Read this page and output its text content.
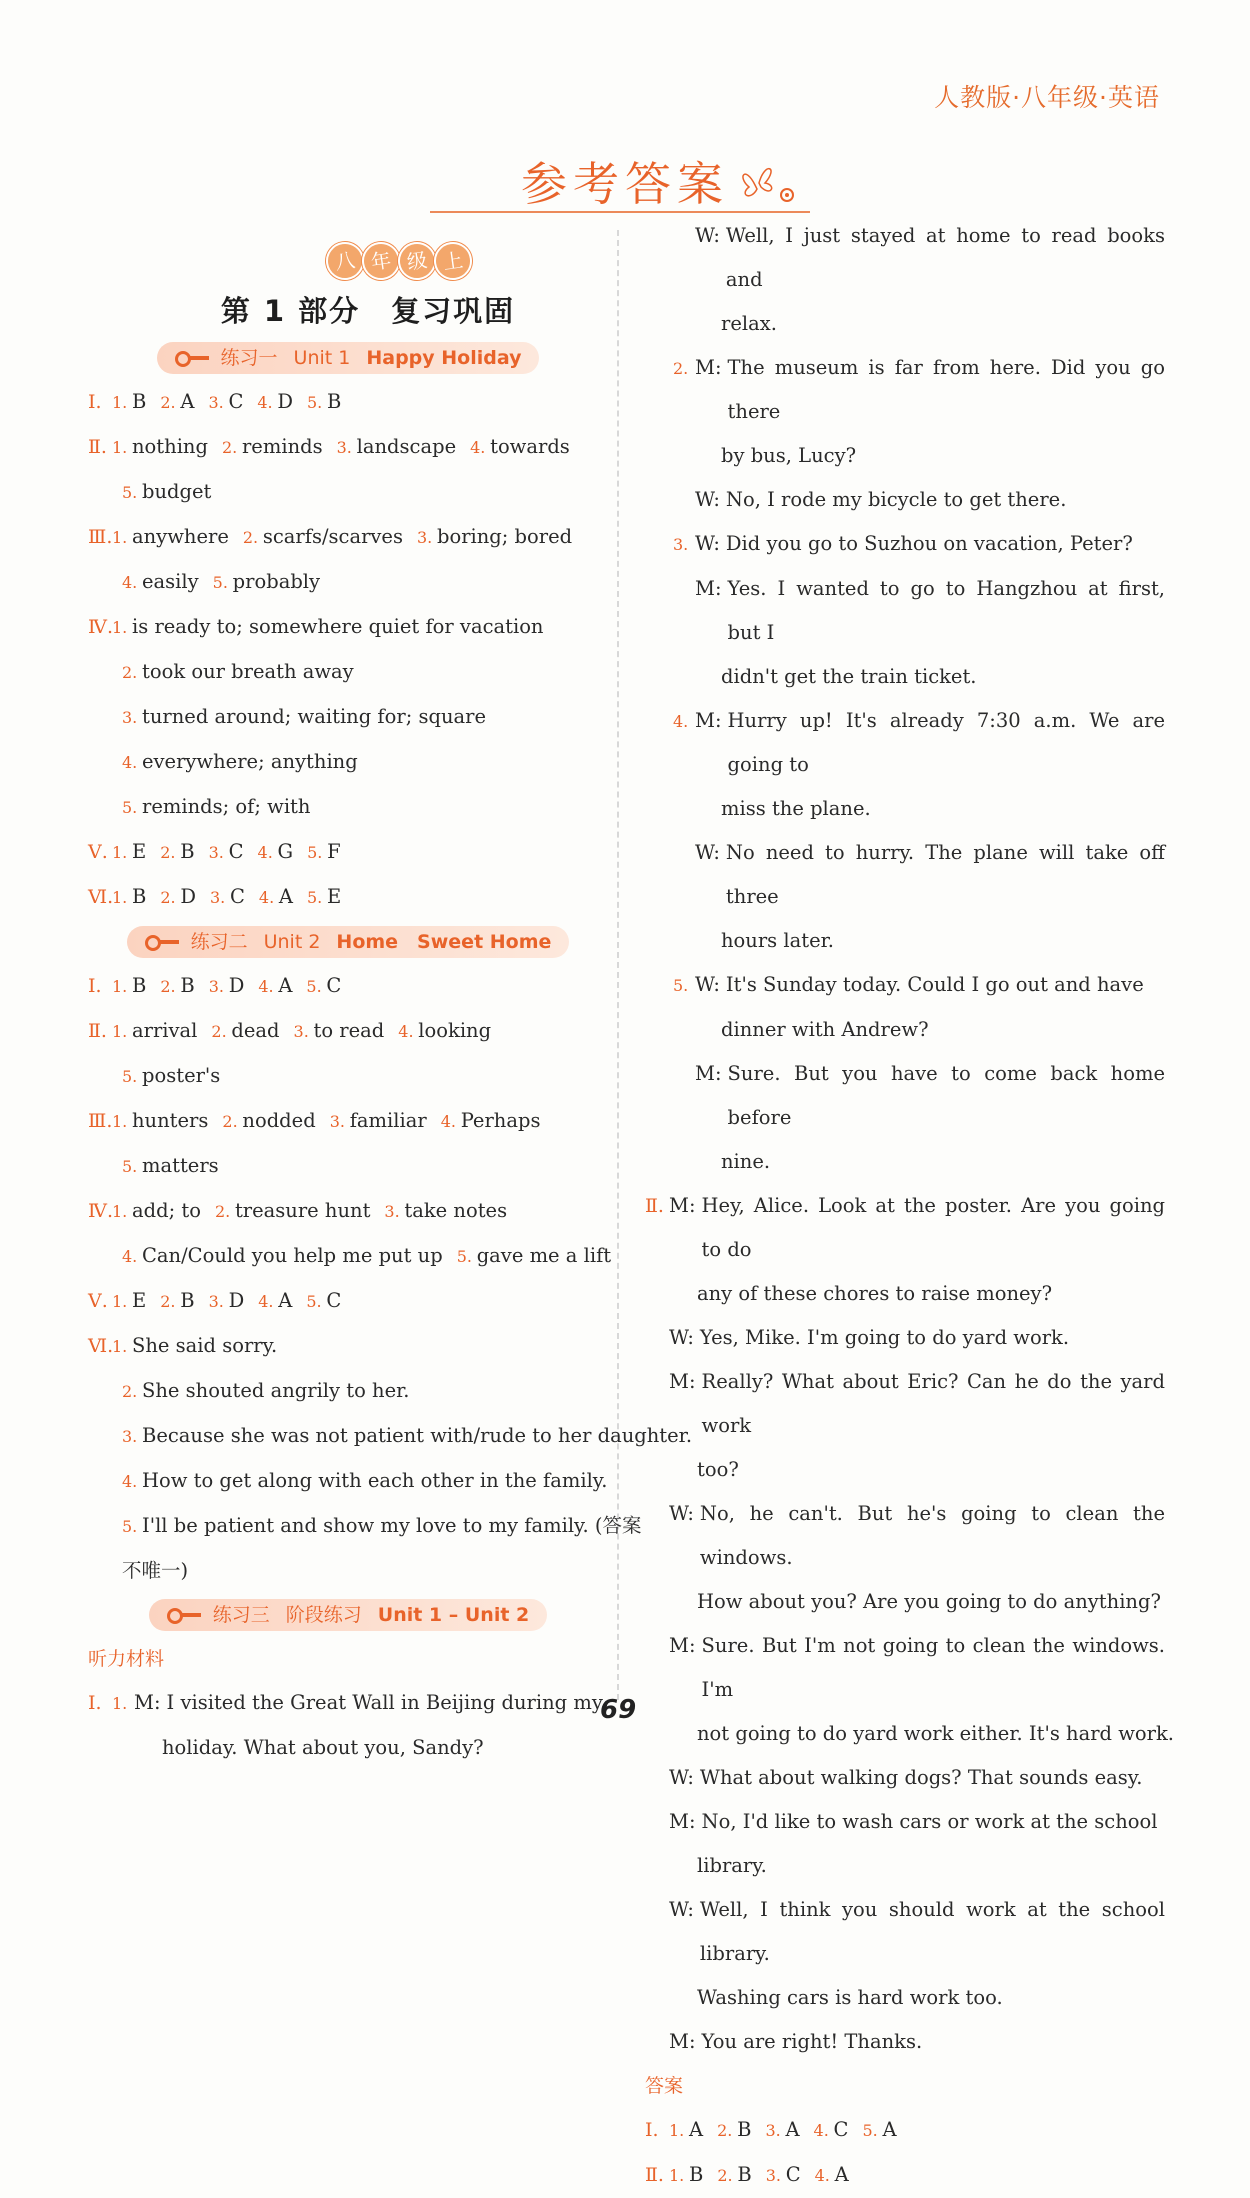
人教版·八年级·英语
参考答案
八 年 级 上
第 1 部分　复习巩固
练习一 Unit 1 Happy Holiday
Ⅰ. 1. B 2. A 3. C 4. D 5. B
Ⅱ. 1. nothing 2. reminds 3. landscape 4. towards
5. budget
Ⅲ. 1. anywhere 2. scarfs/scarves 3. boring; bored
4. easily 5. probably
Ⅳ.
1. is ready to; somewhere quiet for vacation
2. took our breath away
3. turned around; waiting for; square
4. everywhere; anything
5. reminds; of; with
Ⅴ. 1. E 2. B 3. C 4. G 5. F
Ⅵ.
1. B 2. D 3. C 4. A 5. E
练习二 Unit 2 Home　Sweet Home
Ⅰ. 1. B 2. B 3. D 4. A 5. C
Ⅱ. 1. arrival 2. dead 3. to read 4. looking
5. poster's
Ⅲ. 1. hunters 2. nodded 3. familiar 4. Perhaps
5. matters
Ⅳ.
1. add; to 2. treasure hunt 3. take notes
4. Can/Could you help me put up 5. gave me a lift
Ⅴ. 1. E 2. B 3. D 4. A 5. C
Ⅵ.
1. She said sorry.
2. She shouted angrily to her.
3. Because she was not patient with/rude to her daughter.
4. How to get along with each other in the family.
5. I'll be patient and show my love to my family. (答案
不唯一)
练习三 阶段练习 Unit 1 – Unit 2
听力材料
Ⅰ. 1. M: I visited the Great Wall in Beijing during my
holiday. What about you, Sandy?
W: Well, I just stayed at home to read books and
relax.
2. M: The museum is far from here. Did you go there
by bus, Lucy?
W: No, I rode my bicycle to get there.
3. W: Did you go to Suzhou on vacation, Peter?
M: Yes. I wanted to go to Hangzhou at first, but I
didn't get the train ticket.
4. M: Hurry up! It's already 7:30 a.m. We are going to
miss the plane.
W: No need to hurry. The plane will take off three
hours later.
5. W: It's Sunday today. Could I go out and have
dinner with Andrew?
M: Sure. But you have to come back home before
nine.
Ⅱ. M: Hey, Alice. Look at the poster. Are you going to do
any of these chores to raise money?
W: Yes, Mike. I'm going to do yard work.
M: Really? What about Eric? Can he do the yard work
too?
W: No, he can't. But he's going to clean the windows.
How about you? Are you going to do anything?
M: Sure. But I'm not going to clean the windows. I'm
not going to do yard work either. It's hard work.
W: What about walking dogs? That sounds easy.
M: No, I'd like to wash cars or work at the school
library.
W: Well, I think you should work at the school library.
Washing cars is hard work too.
M: You are right! Thanks.
答案
Ⅰ. 1. A 2. B 3. A 4. C 5. A
Ⅱ. 1. B 2. B 3. C 4. A
69
